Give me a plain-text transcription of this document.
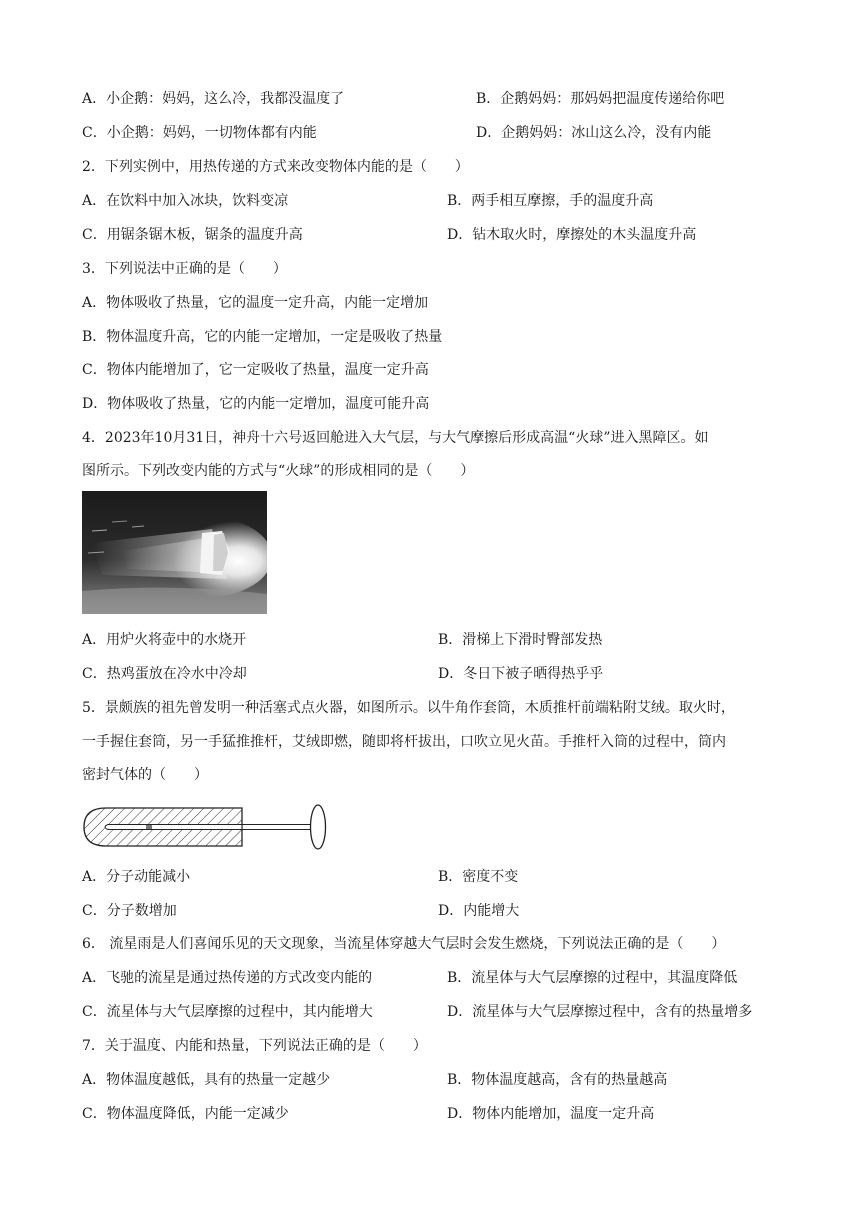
A．小企鹅：妈妈，这么冷，我都没温度了	B．企鹅妈妈：那妈妈把温度传递给你吧
C．小企鹅：妈妈，一切物体都有内能	D．企鹅妈妈：冰山这么冷，没有内能
2．下列实例中，用热传递的方式来改变物体内能的是（　　）
A．在饮料中加入冰块，饮料变凉	B．两手相互摩擦，手的温度升高
C．用锯条锯木板，锯条的温度升高	D．钻木取火时，摩擦处的木头温度升高
3．下列说法中正确的是（　　）
A．物体吸收了热量，它的温度一定升高，内能一定增加
B．物体温度升高，它的内能一定增加，一定是吸收了热量
C．物体内能增加了，它一定吸收了热量，温度一定升高
D．物体吸收了热量，它的内能一定增加，温度可能升高
4．2023年10月31日，神舟十六号返回舱进入大气层，与大气摩擦后形成高温“火球”进入黑障区。如
图所示。下列改变内能的方式与“火球”的形成相同的是（　　）
A．用炉火将壶中的水烧开	B．滑梯上下滑时臀部发热
C．热鸡蛋放在冷水中冷却	D．冬日下被子晒得热乎乎
5．景颇族的祖先曾发明一种活塞式点火器，如图所示。以牛角作套筒，木质推杆前端粘附艾绒。取火时，
一手握住套筒，另一手猛推推杆，艾绒即燃，随即将杆拔出，口吹立见火苗。手推杆入筒的过程中，筒内
密封气体的（　　）
A．分子动能减小	B．密度不变
C．分子数增加	D．内能增大
6． 流星雨是人们喜闻乐见的天文现象，当流星体穿越大气层时会发生燃烧，下列说法正确的是（　　）
A．飞驰的流星是通过热传递的方式改变内能的	B．流星体与大气层摩擦的过程中，其温度降低
C．流星体与大气层摩擦的过程中，其内能增大	D．流星体与大气层摩擦过程中，含有的热量增多
7．关于温度、内能和热量，下列说法正确的是（　　）
A．物体温度越低，具有的热量一定越少	B．物体温度越高，含有的热量越高
C．物体温度降低，内能一定减少	D．物体内能增加，温度一定升高
